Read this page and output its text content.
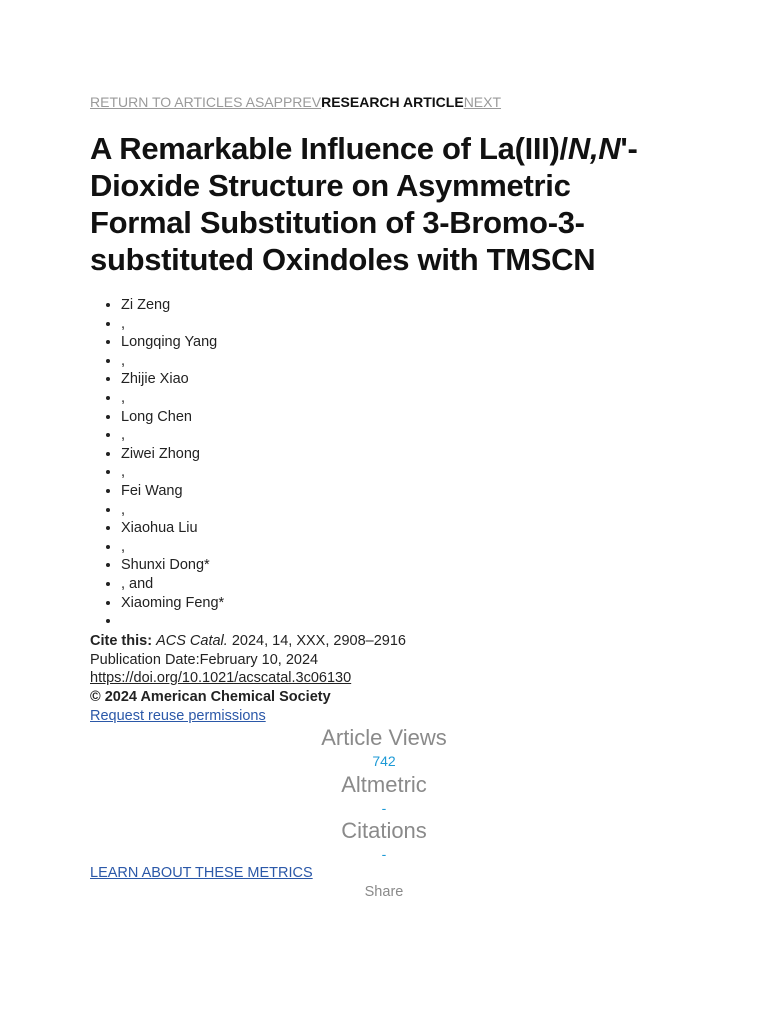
RETURN TO ARTICLES ASAPPREVRESEARCH ARTICLENEXT
A Remarkable Influence of La(III)/N,N'-Dioxide Structure on Asymmetric Formal Substitution of 3-Bromo-3-substituted Oxindoles with TMSCN
• Zi Zeng
• ,
• Longqing Yang
• ,
• Zhijie Xiao
• ,
• Long Chen
• ,
• Ziwei Zhong
• ,
• Fei Wang
• ,
• Xiaohua Liu
• ,
• Shunxi Dong*
• , and
• Xiaoming Feng*
•
Cite this: ACS Catal. 2024, 14, XXX, 2908–2916
Publication Date:February 10, 2024
https://doi.org/10.1021/acscatal.3c06130
© 2024 American Chemical Society
Request reuse permissions
Article Views
742
Altmetric
-
Citations
-
LEARN ABOUT THESE METRICS
Share
